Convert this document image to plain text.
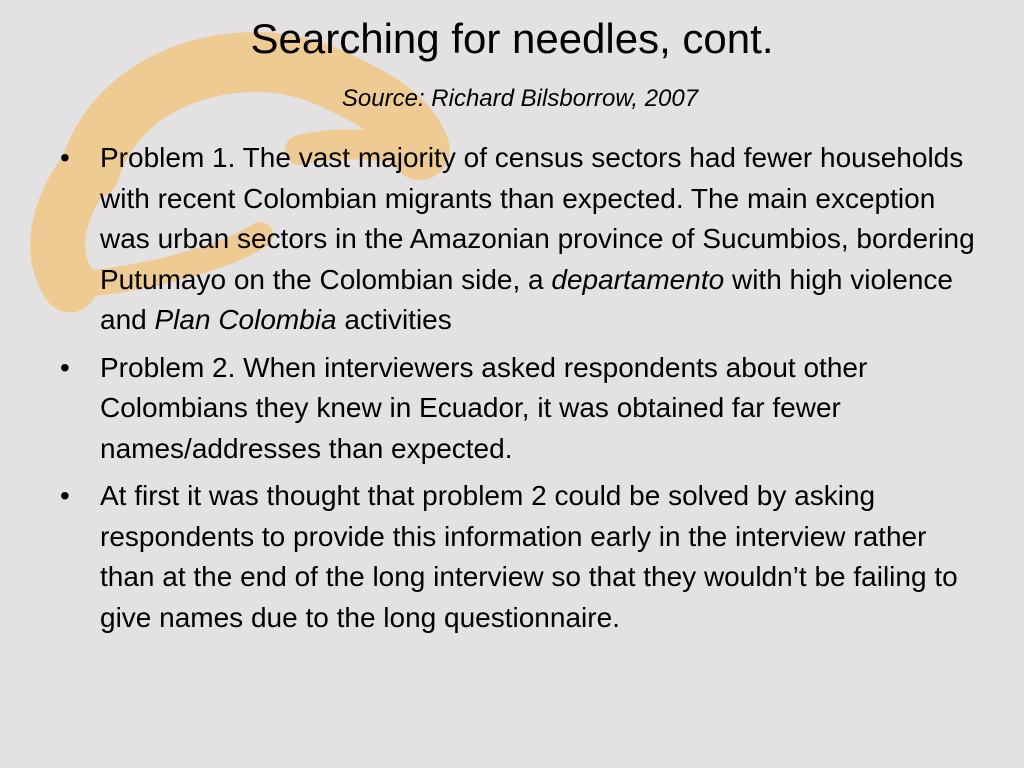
Searching for needles, cont.

Source: Richard Bilsborrow, 2007

• Problem 1. The vast majority of census sectors had fewer households with recent Colombian migrants than expected. The main exception was urban sectors in the Amazonian province of Sucumbios, bordering Putumayo on the Colombian side, a departamento with high violence and Plan Colombia activities
• Problem 2. When interviewers asked respondents about other Colombians they knew in Ecuador, it was obtained far fewer names/addresses than expected.
• At first it was thought that problem 2 could be solved by asking respondents to provide this information early in the interview rather than at the end of the long interview so that they wouldn’t be failing to give names due to the long questionnaire.
